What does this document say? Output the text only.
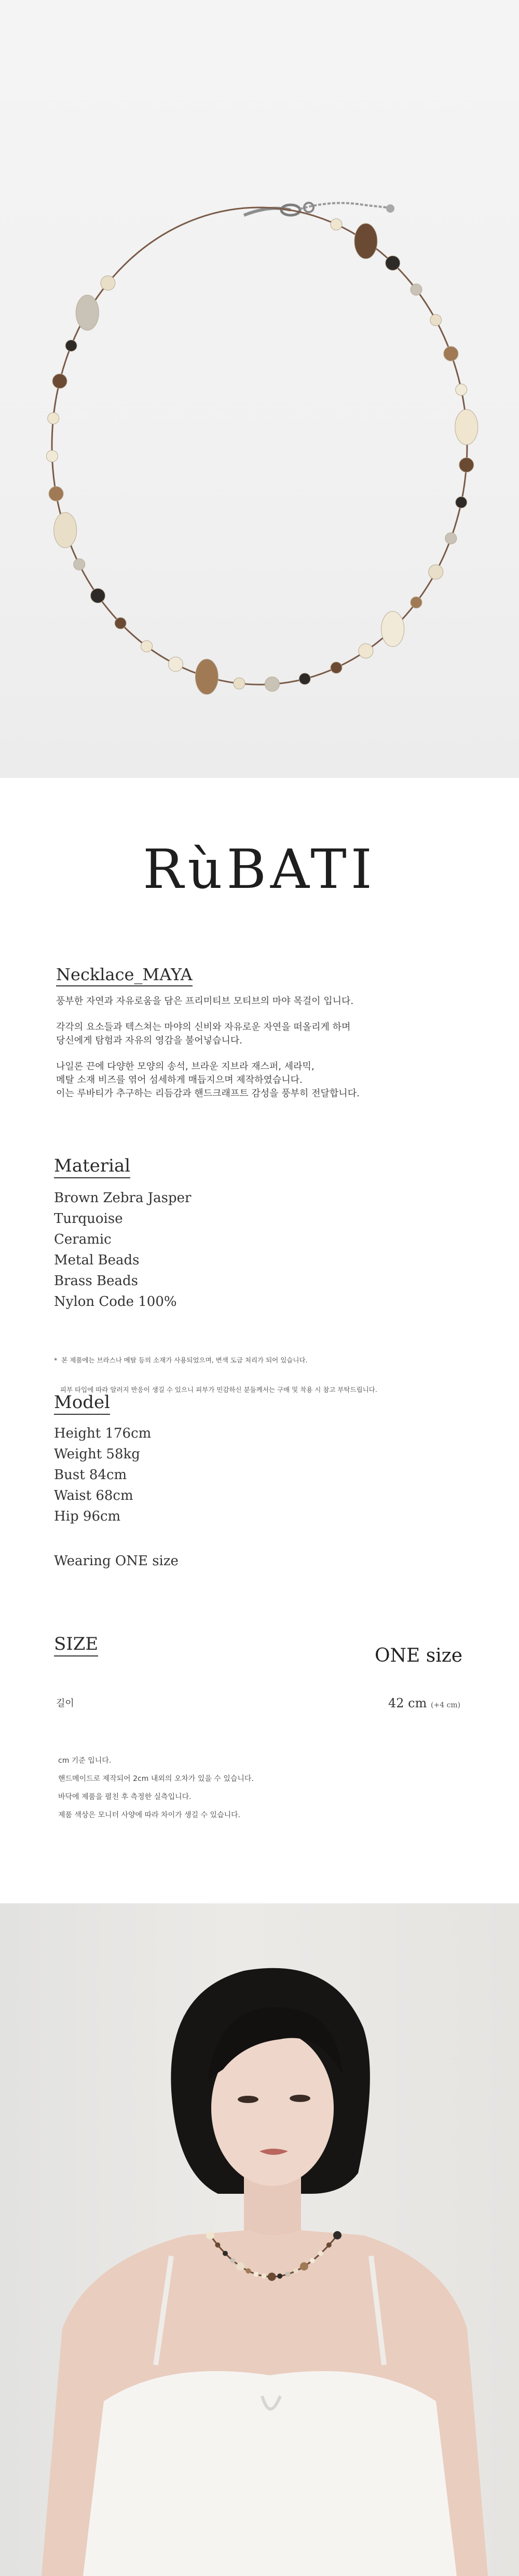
RùBATI
Necklace_MAYA
풍부한 자연과 자유로움을 담은 프리미티브 모티브의 마야 목걸이 입니다.
각각의 요소들과 텍스쳐는 마야의 신비와 자유로운 자연을 떠올리게 하며
당신에게 탐험과 자유의 영감을 불어넣습니다.
나일론 끈에 다양한 모양의 송석, 브라운 지브라 재스퍼, 세라믹,
메탈 소재 비즈를 엮어 섬세하게 매듭지으며 제작하였습니다.
이는 루바티가 추구하는 리듬감과 핸드크래프트 감성을 풍부히 전달합니다.
Material
Brown Zebra Jasper
Turquoise
Ceramic
Metal Beads
Brass Beads
Nylon Code 100%

*  본 제품에는 브라스나 메탈 등의 소재가 사용되었으며, 변색 도금 처리가 되어 있습니다.

피부 타입에 따라 알러지 반응이 생길 수 있으니 피부가 민감하신 분들께서는 구매 및 착용 시 참고 부탁드립니다.

Model
Height 176cm
Weight 58kg
Bust 84cm
Waist 68cm
Hip 96cm
Wearing ONE size
SIZE
ONE size
길이	42 cm (+4 cm)
cm 기준 입니다.
핸드메이드로 제작되어 2cm 내외의 오차가 있을 수 있습니다.
바닥에 제품을 펼친 후 측정한 실측입니다.
제품 색상은 모니터 사양에 따라 차이가 생길 수 있습니다.
